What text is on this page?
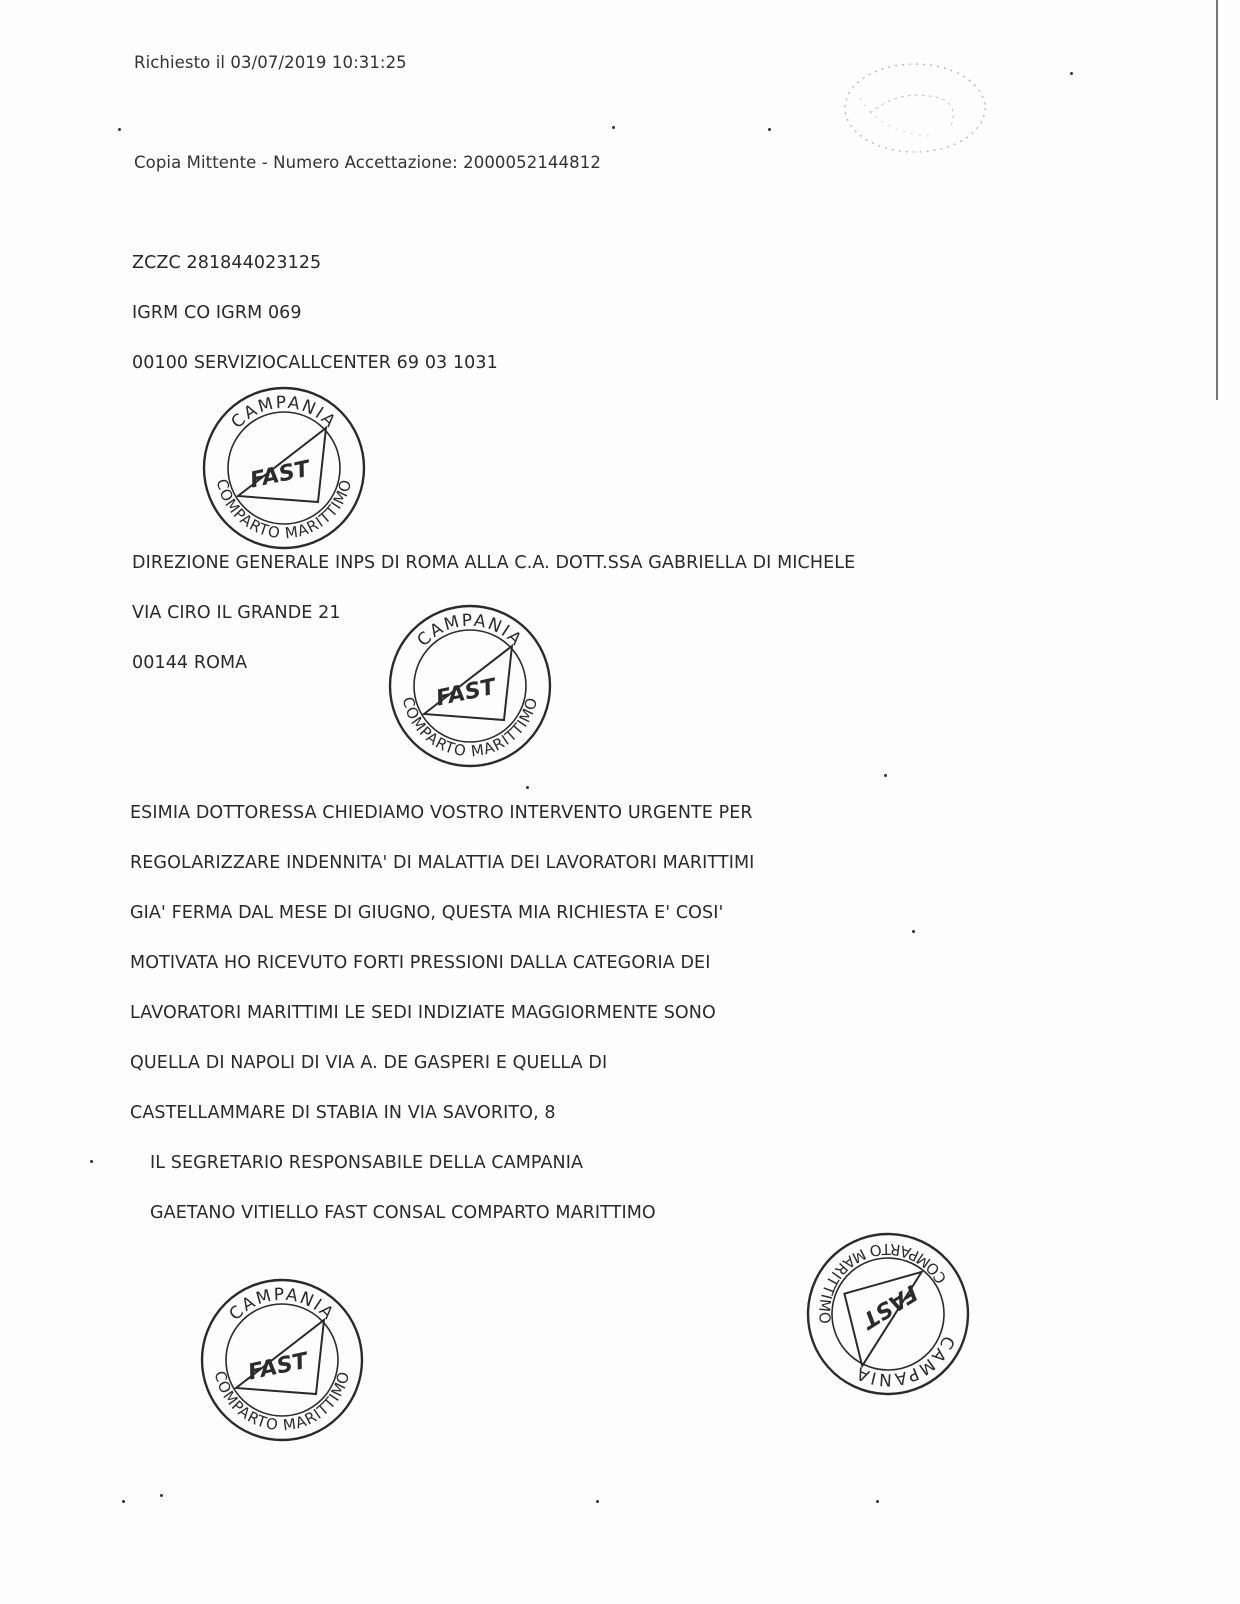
Richiesto il 03/07/2019 10:31:25
Copia Mittente - Numero Accettazione: 2000052144812
ZCZC 281844023125
IGRM CO IGRM 069
00100 SERVIZIOCALLCENTER 69 03 1031
CAMPANIA
COMPARTO MARITTIMO
FAST
DIREZIONE GENERALE INPS DI ROMA ALLA C.A. DOTT.SSA GABRIELLA DI MICHELE
VIA CIRO IL GRANDE 21
00144 ROMA
CAMPANIA
COMPARTO MARITTIMO
FAST
ESIMIA DOTTORESSA CHIEDIAMO VOSTRO INTERVENTO URGENTE PER
REGOLARIZZARE INDENNITA' DI MALATTIA DEI LAVORATORI MARITTIMI
GIA' FERMA DAL MESE DI GIUGNO, QUESTA MIA RICHIESTA E' COSI'
MOTIVATA HO RICEVUTO FORTI PRESSIONI DALLA CATEGORIA DEI
LAVORATORI MARITTIMI LE SEDI INDIZIATE MAGGIORMENTE SONO
QUELLA DI NAPOLI DI VIA A. DE GASPERI E QUELLA DI
CASTELLAMMARE DI STABIA IN VIA SAVORITO, 8
IL SEGRETARIO RESPONSABILE DELLA CAMPANIA
GAETANO VITIELLO FAST CONSAL COMPARTO MARITTIMO
CAMPANIA
COMPARTO MARITTIMO
FAST
CAMPANIA
COMPARTO MARITTIMO	FAST
